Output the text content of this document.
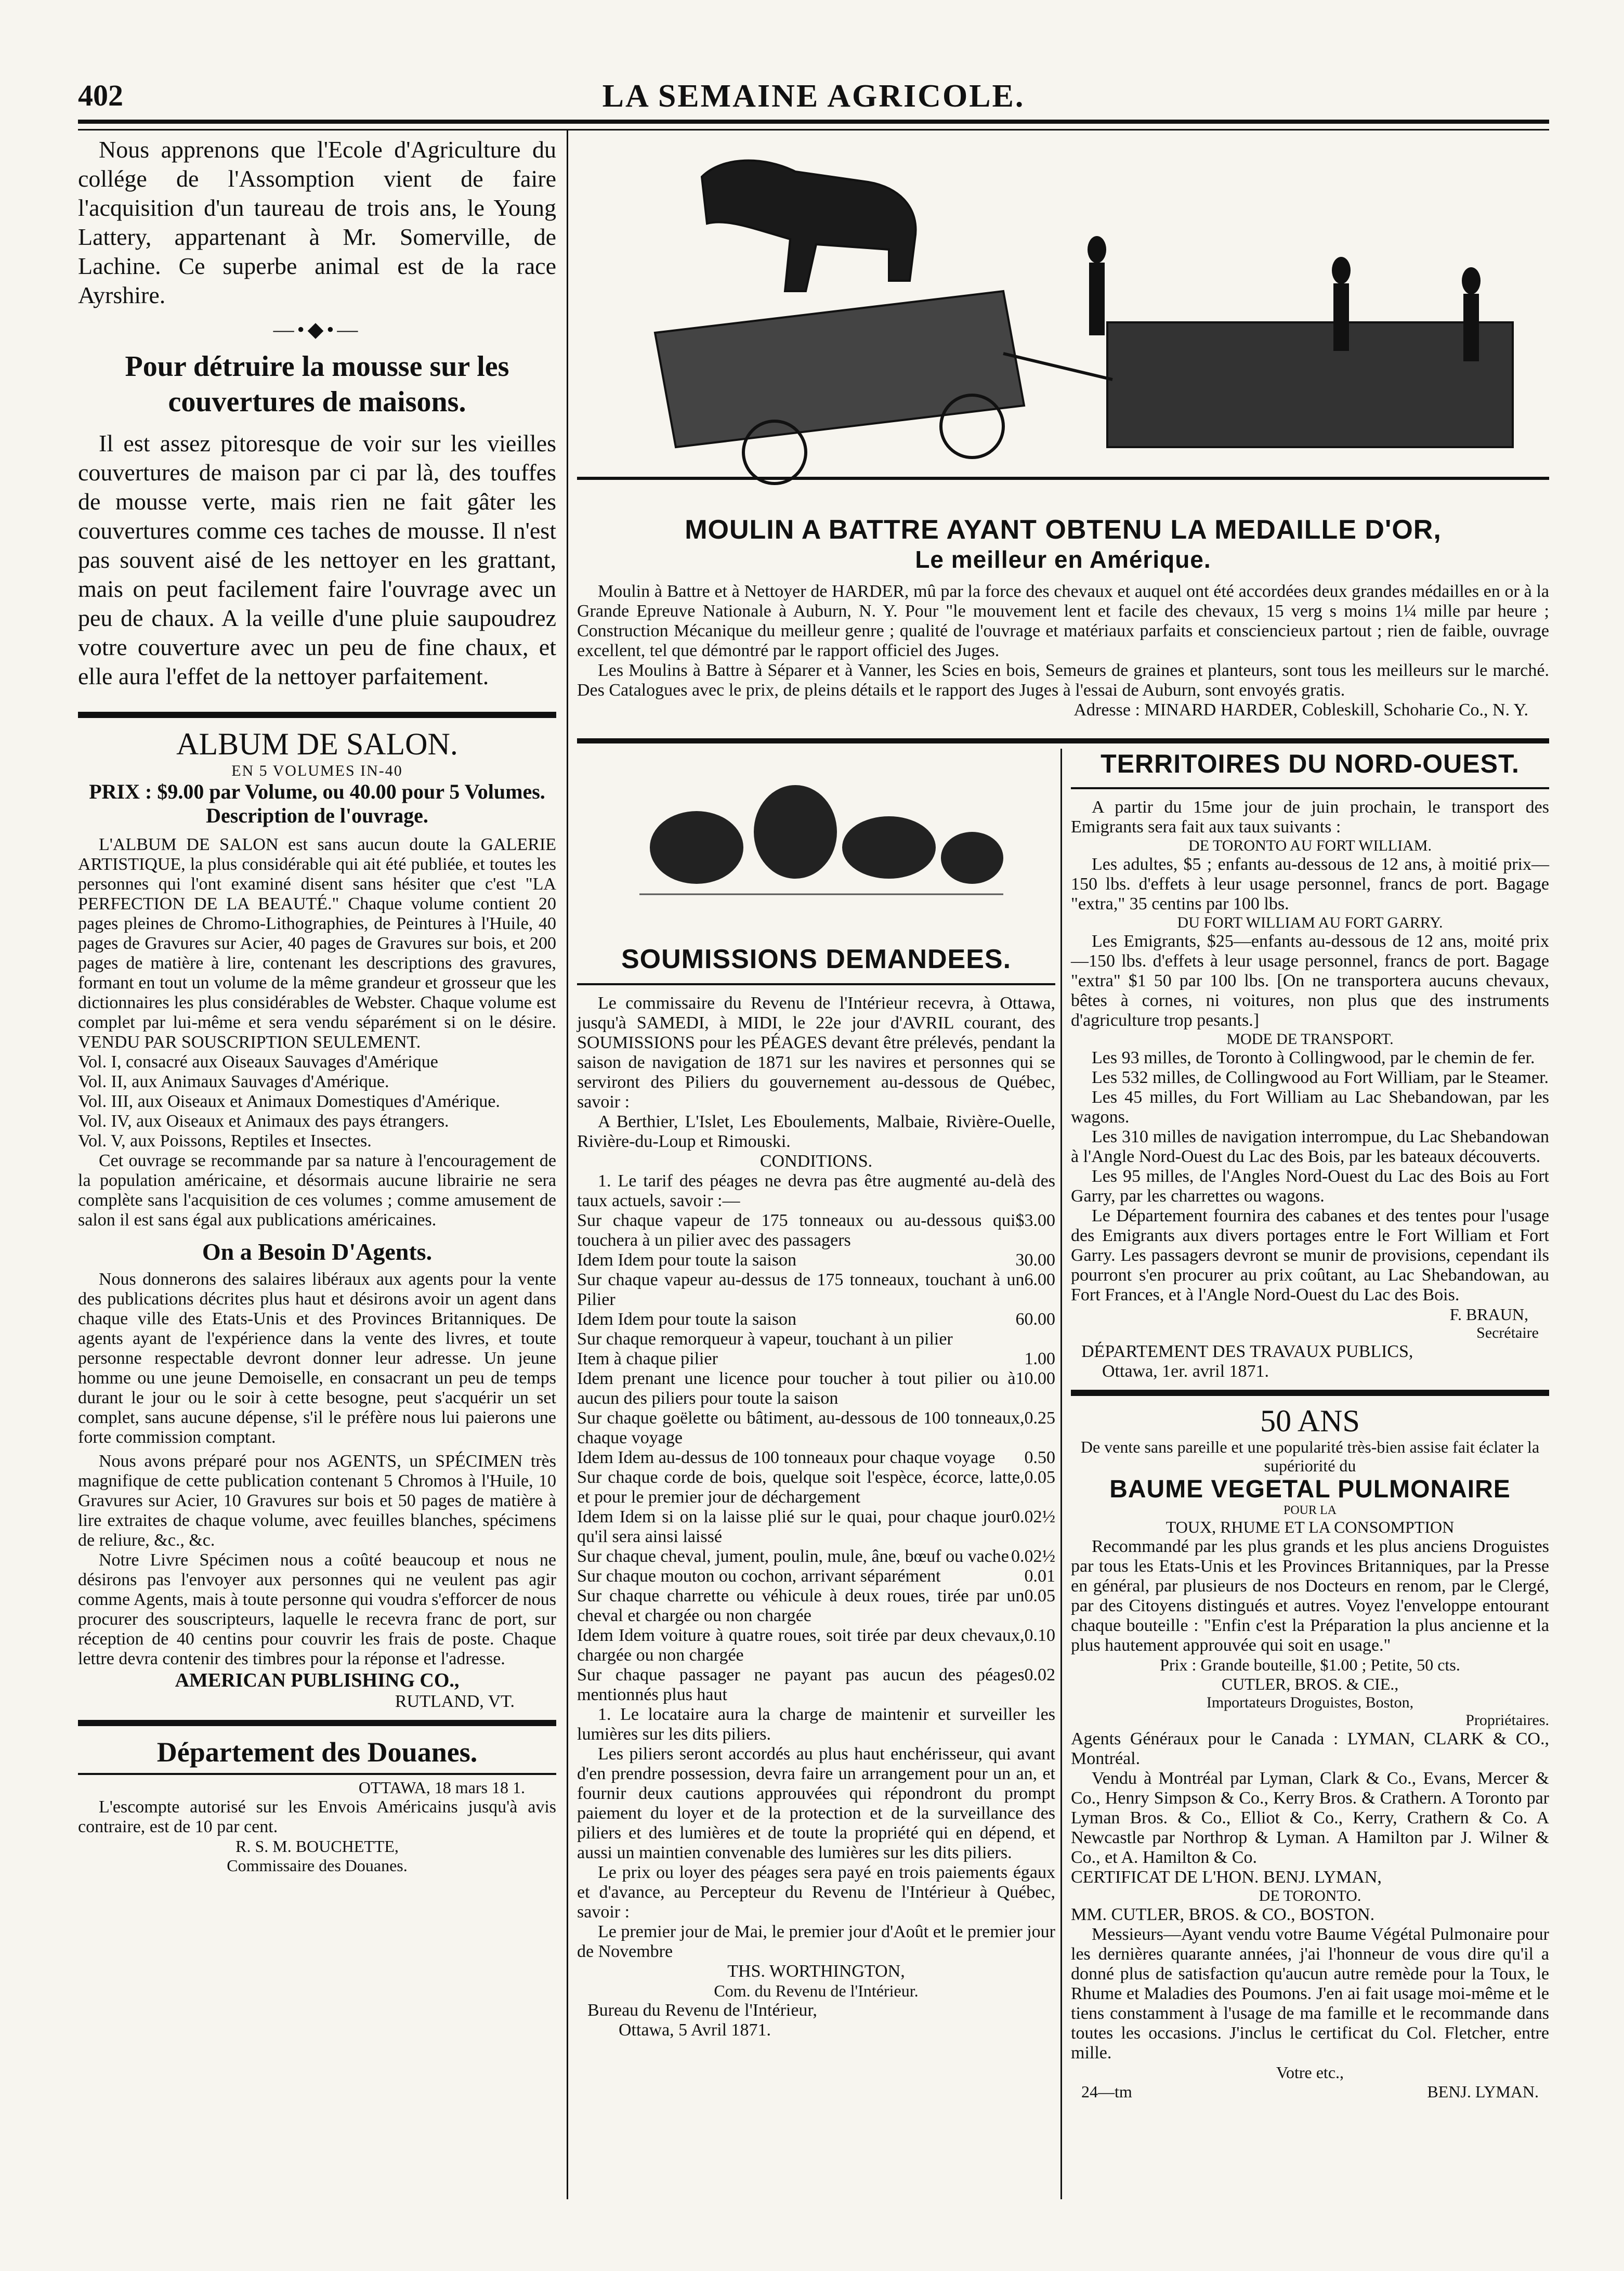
402	LA SEMAINE AGRICOLE.

Nous apprenons que l'Ecole d'Agriculture du collége de l'Assomption vient de faire l'acquisition d'un taureau de trois ans, le Young Lattery, appartenant à Mr. Somerville, de Lachine. Ce superbe animal est de la race Ayrshire.

—•◆•—

Pour détruire la mousse sur les couvertures de maisons.

Il est assez pitoresque de voir sur les vieilles couvertures de maison par ci par là, des touffes de mousse verte, mais rien ne fait gâter les couvertures comme ces taches de mousse. Il n'est pas souvent aisé de les nettoyer en les grattant, mais on peut facilement faire l'ouvrage avec un peu de chaux. A la veille d'une pluie saupoudrez votre couverture avec un peu de fine chaux, et elle aura l'effet de la nettoyer parfaitement.

ALBUM DE SALON.

EN 5 VOLUMES IN-40

PRIX : $9.00 par Volume, ou 40.00 pour 5 Volumes. Description de l'ouvrage.

L'ALBUM DE SALON est sans aucun doute la GALERIE ARTISTIQUE, la plus considérable qui ait été publiée, et toutes les personnes qui l'ont examiné disent sans hésiter que c'est "LA PERFECTION DE LA BEAUTÉ." Chaque volume contient 20 pages pleines de Chromo-Lithographies, de Peintures à l'Huile, 40 pages de Gravures sur Acier, 40 pages de Gravures sur bois, et 200 pages de matière à lire, contenant les descriptions des gravures, formant en tout un volume de la même grandeur et grosseur que les dictionnaires les plus considérables de Webster. Chaque volume est complet par lui-même et sera vendu séparément si on le désire. VENDU PAR SOUSCRIPTION SEULEMENT.

Vol. I, consacré aux Oiseaux Sauvages d'Amérique

Vol. II, aux Animaux Sauvages d'Amérique.

Vol. III, aux Oiseaux et Animaux Domestiques d'Amérique.

Vol. IV, aux Oiseaux et Animaux des pays étrangers.

Vol. V, aux Poissons, Reptiles et Insectes.

Cet ouvrage se recommande par sa nature à l'encouragement de la population américaine, et désormais aucune librairie ne sera complète sans l'acquisition de ces volumes ; comme amusement de salon il est sans égal aux publications américaines.

On a Besoin D'Agents.

Nous donnerons des salaires libéraux aux agents pour la vente des publications décrites plus haut et désirons avoir un agent dans chaque ville des Etats-Unis et des Provinces Britanniques. De agents ayant de l'expérience dans la vente des livres, et toute personne respectable devront donner leur adresse. Un jeune homme ou une jeune Demoiselle, en consacrant un peu de temps durant le jour ou le soir à cette besogne, peut s'acquérir un set complet, sans aucune dépense, s'il le préfère nous lui paierons une forte commission comptant.

Nous avons préparé pour nos AGENTS, un SPÉCIMEN très magnifique de cette publication contenant 5 Chromos à l'Huile, 10 Gravures sur Acier, 10 Gravures sur bois et 50 pages de matière à lire extraites de chaque volume, avec feuilles blanches, spécimens de reliure, &c., &c.

Notre Livre Spécimen nous a coûté beaucoup et nous ne désirons pas l'envoyer aux personnes qui ne veulent pas agir comme Agents, mais à toute personne qui voudra s'efforcer de nous procurer des souscripteurs, laquelle le recevra franc de port, sur réception de 40 centins pour couvrir les frais de poste. Chaque lettre devra contenir des timbres pour la réponse et l'adresse.

AMERICAN PUBLISHING CO.,

RUTLAND, VT.

Département des Douanes.

OTTAWA, 18 mars 18 1.

L'escompte autorisé sur les Envois Américains jusqu'à avis contraire, est de 10 par cent.

R. S. M. BOUCHETTE,

Commissaire des Douanes.

MOULIN A BATTRE AYANT OBTENU LA MEDAILLE D'OR,

Le meilleur en Amérique.

Moulin à Battre et à Nettoyer de HARDER, mû par la force des chevaux et auquel ont été accordées deux grandes médailles en or à la Grande Epreuve Nationale à Auburn, N. Y. Pour "le mouvement lent et facile des chevaux, 15 verg s moins 1¼ mille par heure ; Construction Mécanique du meilleur genre ; qualité de l'ouvrage et matériaux parfaits et consciencieux partout ; rien de faible, ouvrage excellent, tel que démontré par le rapport officiel des Juges.

Les Moulins à Battre à Séparer et à Vanner, les Scies en bois, Semeurs de graines et planteurs, sont tous les meilleurs sur le marché. Des Catalogues avec le prix, de pleins détails et le rapport des Juges à l'essai de Auburn, sont envoyés gratis.

Adresse : MINARD HARDER, Cobleskill, Schoharie Co., N. Y.

SOUMISSIONS DEMANDEES.

Le commissaire du Revenu de l'Intérieur recevra, à Ottawa, jusqu'à SAMEDI, à MIDI, le 22e jour d'AVRIL courant, des SOUMISSIONS pour les PÉAGES devant être prélevés, pendant la saison de navigation de 1871 sur les navires et personnes qui se serviront des Piliers du gouvernement au-dessous de Québec, savoir :

A Berthier, L'Islet, Les Eboulements, Malbaie, Rivière-Ouelle, Rivière-du-Loup et Rimouski.

CONDITIONS.

1. Le tarif des péages ne devra pas être augmenté au-delà des taux actuels, savoir :—

Sur chaque vapeur de 175 tonneaux ou au-dessous qui touchera à un pilier avec des passagers
$3.00
Idem Idem pour toute la saison	30.00
Sur chaque vapeur au-dessus de 175 tonneaux, touchant à un Pilier
6.00
Idem Idem pour toute la saison	60.00
Sur chaque remorqueur à vapeur, touchant à un pilier
Item à chaque pilier	1.00
Idem prenant une licence pour toucher à tout pilier ou à aucun des piliers pour toute la saison
10.00
Sur chaque goëlette ou bâtiment, au-dessous de 100 tonneaux, chaque voyage
0.25
Idem Idem au-dessus de 100 tonneaux pour chaque voyage 0.50
Sur chaque corde de bois, quelque soit l'espèce, écorce, latte, et pour le premier jour de déchargement
0.05
Idem Idem si on la laisse plié sur le quai, pour chaque jour qu'il sera ainsi laissé
0.02½
Sur chaque cheval, jument, poulin, mule, âne, bœuf ou vache 0.02½
Sur chaque mouton ou cochon, arrivant séparément	0.01
Sur chaque charrette ou véhicule à deux roues, tirée par un cheval et chargée ou non chargée
0.05
Idem Idem voiture à quatre roues, soit tirée par deux chevaux, chargée ou non chargée
0.10
Sur chaque passager ne payant pas aucun des péages mentionnés plus haut
0.02

1. Le locataire aura la charge de maintenir et surveiller les lumières sur les dits piliers.

Les piliers seront accordés au plus haut enchérisseur, qui avant d'en prendre possession, devra faire un arrangement pour un an, et fournir deux cautions approuvées qui répondront du prompt paiement du loyer et de la protection et de la surveillance des piliers et des lumières et de toute la propriété qui en dépend, et aussi un maintien convenable des lumières sur les dits piliers.

Le prix ou loyer des péages sera payé en trois paiements égaux et d'avance, au Percepteur du Revenu de l'Intérieur à Québec, savoir :

Le premier jour de Mai, le premier jour d'Août et le premier jour de Novembre

THS. WORTHINGTON,

Com. du Revenu de l'Intérieur.

Bureau du Revenu de l'Intérieur,

Ottawa, 5 Avril 1871.

TERRITOIRES DU NORD-OUEST.

A partir du 15me jour de juin prochain, le transport des Emigrants sera fait aux taux suivants :

DE TORONTO AU FORT WILLIAM.

Les adultes, $5 ; enfants au-dessous de 12 ans, à moitié prix—150 lbs. d'effets à leur usage personnel, francs de port. Bagage "extra," 35 centins par 100 lbs.

DU FORT WILLIAM AU FORT GARRY.

Les Emigrants, $25—enfants au-dessous de 12 ans, moité prix—150 lbs. d'effets à leur usage personnel, francs de port. Bagage "extra" $1 50 par 100 lbs. [On ne transportera aucuns chevaux, bêtes à cornes, ni voitures, non plus que des instruments d'agriculture trop pesants.]

MODE DE TRANSPORT.

Les 93 milles, de Toronto à Collingwood, par le chemin de fer.

Les 532 milles, de Collingwood au Fort William, par le Steamer.

Les 45 milles, du Fort William au Lac Shebandowan, par les wagons.

Les 310 milles de navigation interrompue, du Lac Shebandowan à l'Angle Nord-Ouest du Lac des Bois, par les bateaux découverts.

Les 95 milles, de l'Angles Nord-Ouest du Lac des Bois au Fort Garry, par les charrettes ou wagons.

Le Département fournira des cabanes et des tentes pour l'usage des Emigrants aux divers portages entre le Fort William et Fort Garry. Les passagers devront se munir de provisions, cependant ils pourront s'en procurer au prix coûtant, au Lac Shebandowan, au Fort Frances, et à l'Angle Nord-Ouest du Lac des Bois.

F. BRAUN,

Secrétaire

DÉPARTEMENT DES TRAVAUX PUBLICS,

Ottawa, 1er. avril 1871.

50 ANS

De vente sans pareille et une popularité très-bien assise fait éclater la supériorité du

BAUME VEGETAL PULMONAIRE

POUR LA

TOUX, RHUME ET LA CONSOMPTION

Recommandé par les plus grands et les plus anciens Droguistes par tous les Etats-Unis et les Provinces Britanniques, par la Presse en général, par plusieurs de nos Docteurs en renom, par le Clergé, par des Citoyens distingués et autres. Voyez l'enveloppe entourant chaque bouteille : "Enfin c'est la Préparation la plus ancienne et la plus hautement approuvée qui soit en usage."

Prix : Grande bouteille, $1.00 ; Petite, 50 cts.

CUTLER, BROS. & CIE.,

Importateurs Droguistes, Boston,

Propriétaires.

Agents Généraux pour le Canada : LYMAN, CLARK & CO., Montréal.

Vendu à Montréal par Lyman, Clark & Co., Evans, Mercer & Co., Henry Simpson & Co., Kerry Bros. & Crathern. A Toronto par Lyman Bros. & Co., Elliot & Co., Kerry, Crathern & Co. A Newcastle par Northrop & Lyman. A Hamilton par J. Wilner & Co., et A. Hamilton & Co.

CERTIFICAT DE L'HON. BENJ. LYMAN,

DE TORONTO.

MM. CUTLER, BROS. & CO., BOSTON.

Messieurs—Ayant vendu votre Baume Végétal Pulmonaire pour les dernières quarante années, j'ai l'honneur de vous dire qu'il a donné plus de satisfaction qu'aucun autre remède pour la Toux, le Rhume et Maladies des Poumons. J'en ai fait usage moi-même et le tiens constamment à l'usage de ma famille et le recommande dans toutes les occasions. J'inclus le certificat du Col. Fletcher, entre mille.

Votre etc.,

24—tm	BENJ. LYMAN.
